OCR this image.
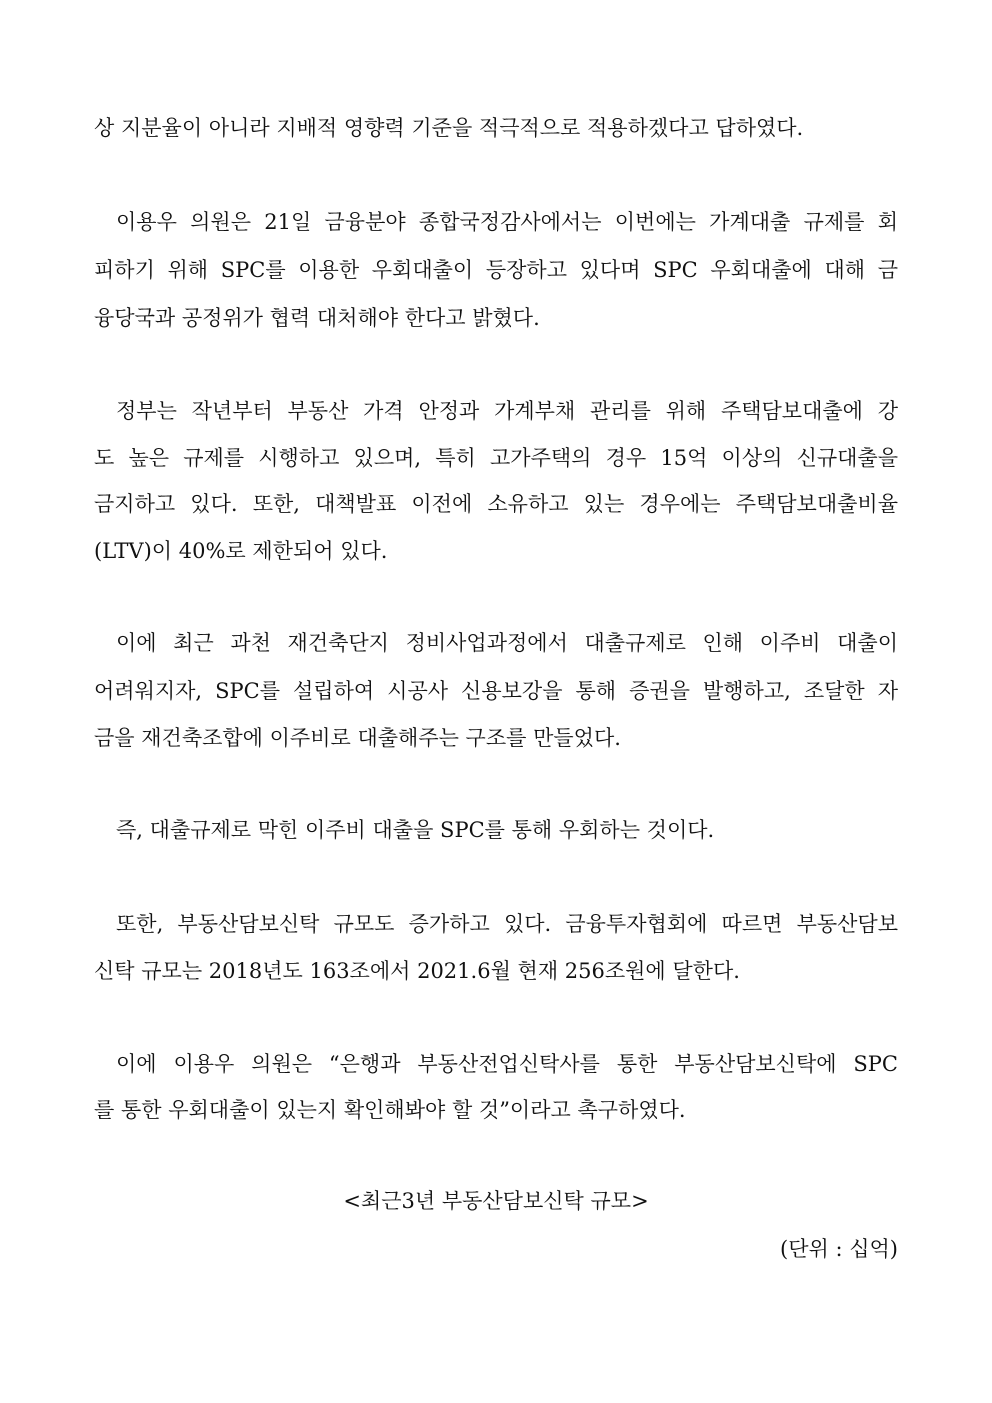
상 지분율이 아니라 지배적 영향력 기준을 적극적으로 적용하겠다고 답하였다.
이용우 의원은 21일 금융분야 종합국정감사에서는 이번에는 가계대출 규제를 회
피하기 위해 SPC를 이용한 우회대출이 등장하고 있다며 SPC 우회대출에 대해 금
융당국과 공정위가 협력 대처해야 한다고 밝혔다.
정부는 작년부터 부동산 가격 안정과 가계부채 관리를 위해 주택담보대출에 강
도 높은 규제를 시행하고 있으며, 특히 고가주택의 경우 15억 이상의 신규대출을
금지하고 있다. 또한, 대책발표 이전에 소유하고 있는 경우에는 주택담보대출비율
(LTV)이 40%로 제한되어 있다.
이에 최근 과천 재건축단지 정비사업과정에서 대출규제로 인해 이주비 대출이
어려워지자, SPC를 설립하여 시공사 신용보강을 통해 증권을 발행하고, 조달한 자
금을 재건축조합에 이주비로 대출해주는 구조를 만들었다.
즉, 대출규제로 막힌 이주비 대출을 SPC를 통해 우회하는 것이다.
또한, 부동산담보신탁 규모도 증가하고 있다. 금융투자협회에 따르면 부동산담보
신탁 규모는 2018년도 163조에서 2021.6월 현재 256조원에 달한다.
이에 이용우 의원은 “은행과 부동산전업신탁사를 통한 부동산담보신탁에 SPC
를 통한 우회대출이 있는지 확인해봐야 할 것”이라고 촉구하였다.
<최근3년 부동산담보신탁 규모>
(단위 : 십억)
